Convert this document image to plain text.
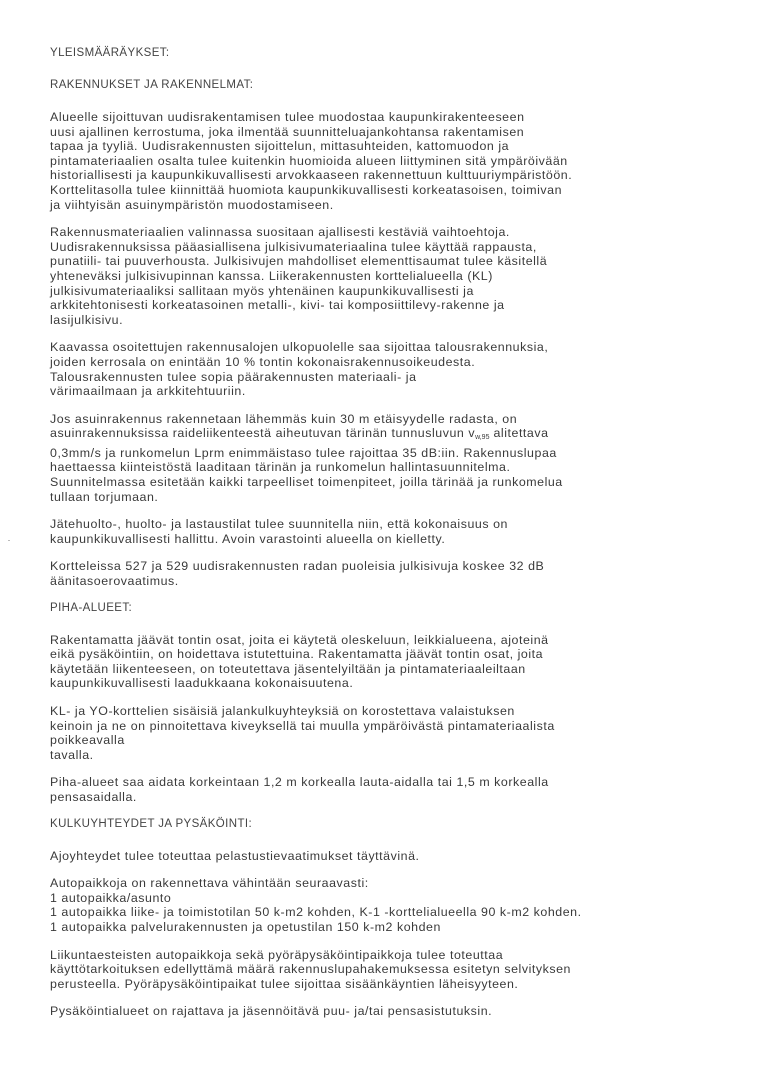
YLEISMÄÄRÄYKSET:
RAKENNUKSET JA RAKENNELMAT:
Alueelle sijoittuvan uudisrakentamisen tulee muodostaa kaupunkirakenteeseen
uusi ajallinen kerrostuma, joka ilmentää suunnitteluajankohtansa rakentamisen
tapaa ja tyyliä. Uudisrakennusten sijoittelun, mittasuhteiden, kattomuodon ja
pintamateriaalien osalta tulee kuitenkin huomioida alueen liittyminen sitä ympäröivään
historiallisesti ja kaupunkikuvallisesti arvokkaaseen rakennettuun kulttuuriympäristöön.
Korttelitasolla tulee kiinnittää huomiota kaupunkikuvallisesti korkeatasoisen, toimivan
ja viihtyisän asuinympäristön muodostamiseen.
Rakennusmateriaalien valinnassa suositaan ajallisesti kestäviä vaihtoehtoja.
Uudisrakennuksissa pääasiallisena julkisivumateriaalina tulee käyttää rappausta,
punatiili- tai puuverhousta. Julkisivujen mahdolliset elementtisaumat tulee käsitellä
yhteneväksi julkisivupinnan kanssa. Liikerakennusten korttelialueella (KL)
julkisivumateriaaliksi sallitaan myös yhtenäinen kaupunkikuvallisesti ja
arkkitehtonisesti korkeatasoinen metalli-, kivi- tai komposiittilevy-rakenne ja
lasijulkisivu.
Kaavassa osoitettujen rakennusalojen ulkopuolelle saa sijoittaa talousrakennuksia,
joiden kerrosala on enintään 10 % tontin kokonaisrakennusoikeudesta.
Talousrakennusten tulee sopia päärakennusten materiaali- ja
värimaailmaan ja arkkitehtuuriin.
Jos asuinrakennus rakennetaan lähemmäs kuin 30 m etäisyydelle radasta, on
asuinrakennuksissa raideliikenteestä aiheutuvan tärinän tunnusluvun $v_{w,95}$ alitettava
0,3mm/s ja runkomelun Lprm enimmäistaso tulee rajoittaa 35 dB:iin. Rakennuslupaa
haettaessa kiinteistöstä laaditaan tärinän ja runkomelun hallintasuunnitelma.
Suunnitelmassa esitetään kaikki tarpeelliset toimenpiteet, joilla tärinää ja runkomelua
tullaan torjumaan.
Jätehuolto-, huolto- ja lastaustilat tulee suunnitella niin, että kokonaisuus on
kaupunkikuvallisesti hallittu. Avoin varastointi alueella on kielletty.
Kortteleissa 527 ja 529 uudisrakennusten radan puoleisia julkisivuja koskee 32 dB
äänitasoerovaatimus.
PIHA-ALUEET:
Rakentamatta jäävät tontin osat, joita ei käytetä oleskeluun, leikkialueena, ajoteinä
eikä pysäköintiin, on hoidettava istutettuina. Rakentamatta jäävät tontin osat, joita
käytetään liikenteeseen, on toteutettava jäsentelyiltään ja pintamateriaaleiltaan
kaupunkikuvallisesti laadukkaana kokonaisuutena.
KL- ja YO-korttelien sisäisiä jalankulkuyhteyksiä on korostettava valaistuksen
keinoin ja ne on pinnoitettava kiveyksellä tai muulla ympäröivästä pintamateriaalista
poikkeavalla
tavalla.
Piha-alueet saa aidata korkeintaan 1,2 m korkealla lauta-aidalla tai 1,5 m korkealla
pensasaidalla.
KULKUYHTEYDET JA PYSÄKÖINTI:
Ajoyhteydet tulee toteuttaa pelastustievaatimukset täyttävinä.
Autopaikkoja on rakennettava vähintään seuraavasti:
1 autopaikka/asunto
1 autopaikka liike- ja toimistotilan 50 k-m2 kohden, K-1 -korttelialueella 90 k-m2 kohden.
1 autopaikka palvelurakennusten ja opetustilan 150 k-m2 kohden
Liikuntaesteisten autopaikkoja sekä pyöräpysäköintipaikkoja tulee toteuttaa
käyttötarkoituksen edellyttämä määrä rakennuslupahakemuksessa esitetyn selvityksen
perusteella. Pyöräpysäköintipaikat tulee sijoittaa sisäänkäyntien läheisyyteen.
Pysäköintialueet on rajattava ja jäsennöitävä puu- ja/tai pensasistutuksin.
